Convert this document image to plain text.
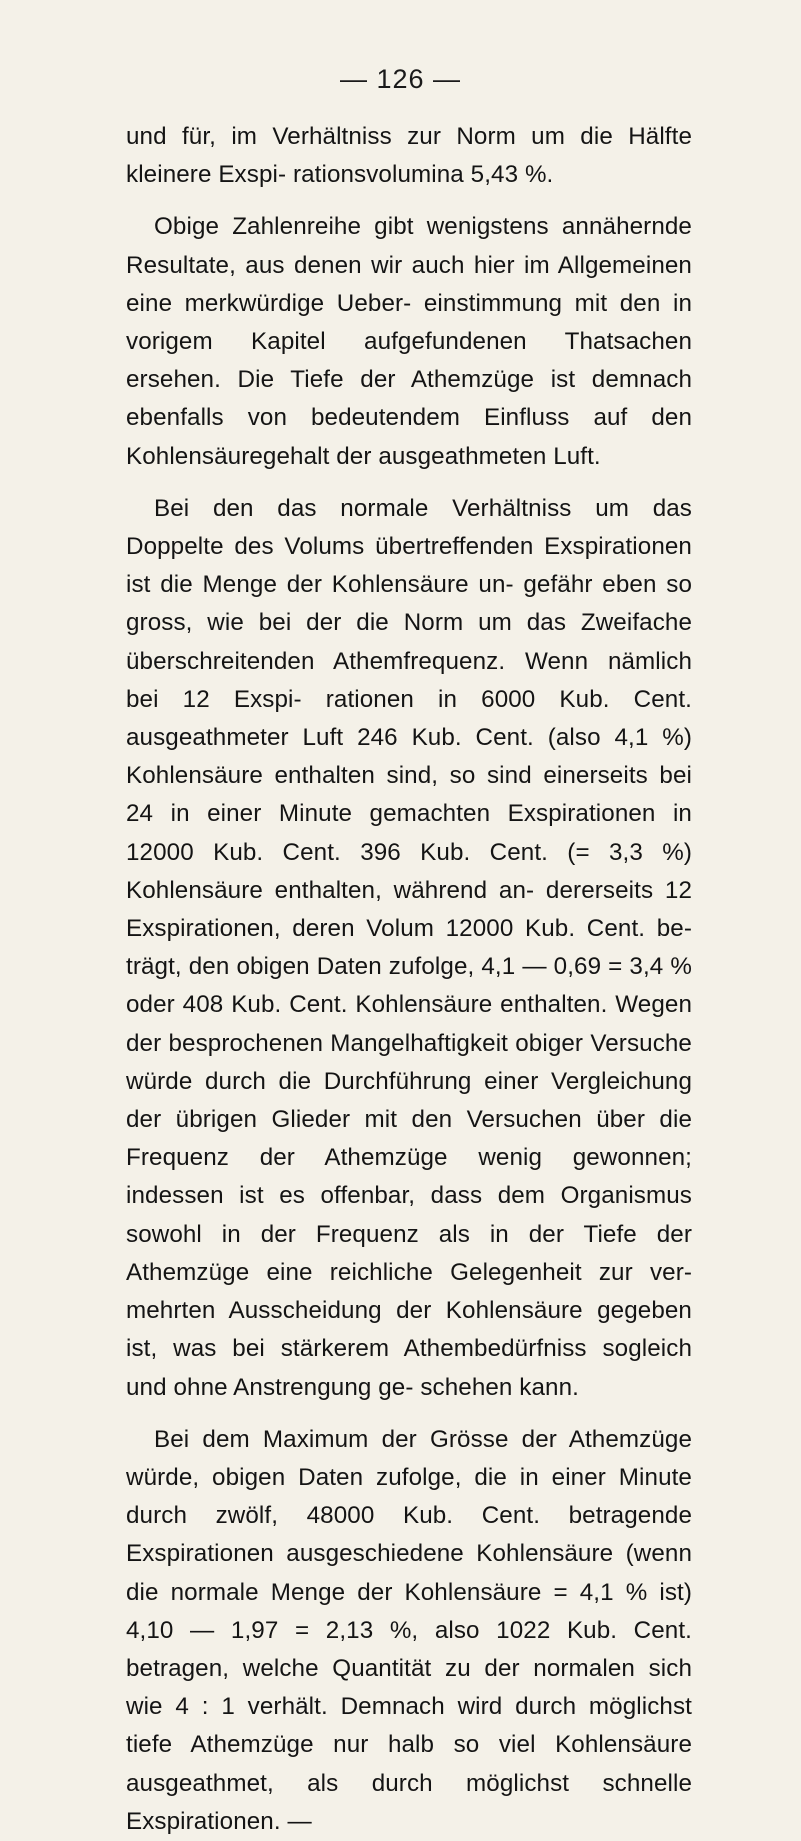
— 126 —

und für, im Verhältniss zur Norm um die Hälfte kleinere Exspi- rationsvolumina 5,43 %.

Obige Zahlenreihe gibt wenigstens annähernde Resultate, aus denen wir auch hier im Allgemeinen eine merkwürdige Ueber- einstimmung mit den in vorigem Kapitel aufgefundenen Thatsachen ersehen. Die Tiefe der Athemzüge ist demnach ebenfalls von bedeutendem Einfluss auf den Kohlensäuregehalt der ausgeathmeten Luft.

Bei den das normale Verhältniss um das Doppelte des Volums übertreffenden Exspirationen ist die Menge der Kohlensäure un- gefähr eben so gross, wie bei der die Norm um das Zweifache überschreitenden Athemfrequenz. Wenn nämlich bei 12 Exspi- rationen in 6000 Kub. Cent. ausgeathmeter Luft 246 Kub. Cent. (also 4,1 %) Kohlensäure enthalten sind, so sind einerseits bei 24 in einer Minute gemachten Exspirationen in 12000 Kub. Cent. 396 Kub. Cent. (= 3,3 %) Kohlensäure enthalten, während an- dererseits 12 Exspirationen, deren Volum 12000 Kub. Cent. be- trägt, den obigen Daten zufolge, 4,1 — 0,69 = 3,4 % oder 408 Kub. Cent. Kohlensäure enthalten. Wegen der besprochenen Mangelhaftigkeit obiger Versuche würde durch die Durchführung einer Vergleichung der übrigen Glieder mit den Versuchen über die Frequenz der Athemzüge wenig gewonnen; indessen ist es offenbar, dass dem Organismus sowohl in der Frequenz als in der Tiefe der Athemzüge eine reichliche Gelegenheit zur ver- mehrten Ausscheidung der Kohlensäure gegeben ist, was bei stärkerem Athembedürfniss sogleich und ohne Anstrengung ge- schehen kann.

Bei dem Maximum der Grösse der Athemzüge würde, obigen Daten zufolge, die in einer Minute durch zwölf, 48000 Kub. Cent. betragende Exspirationen ausgeschiedene Kohlensäure (wenn die normale Menge der Kohlensäure = 4,1 % ist) 4,10 — 1,97 = 2,13 %, also 1022 Kub. Cent. betragen, welche Quantität zu der normalen sich wie 4 : 1 verhält. Demnach wird durch möglichst tiefe Athemzüge nur halb so viel Kohlensäure ausgeathmet, als durch möglichst schnelle Exspirationen. —
